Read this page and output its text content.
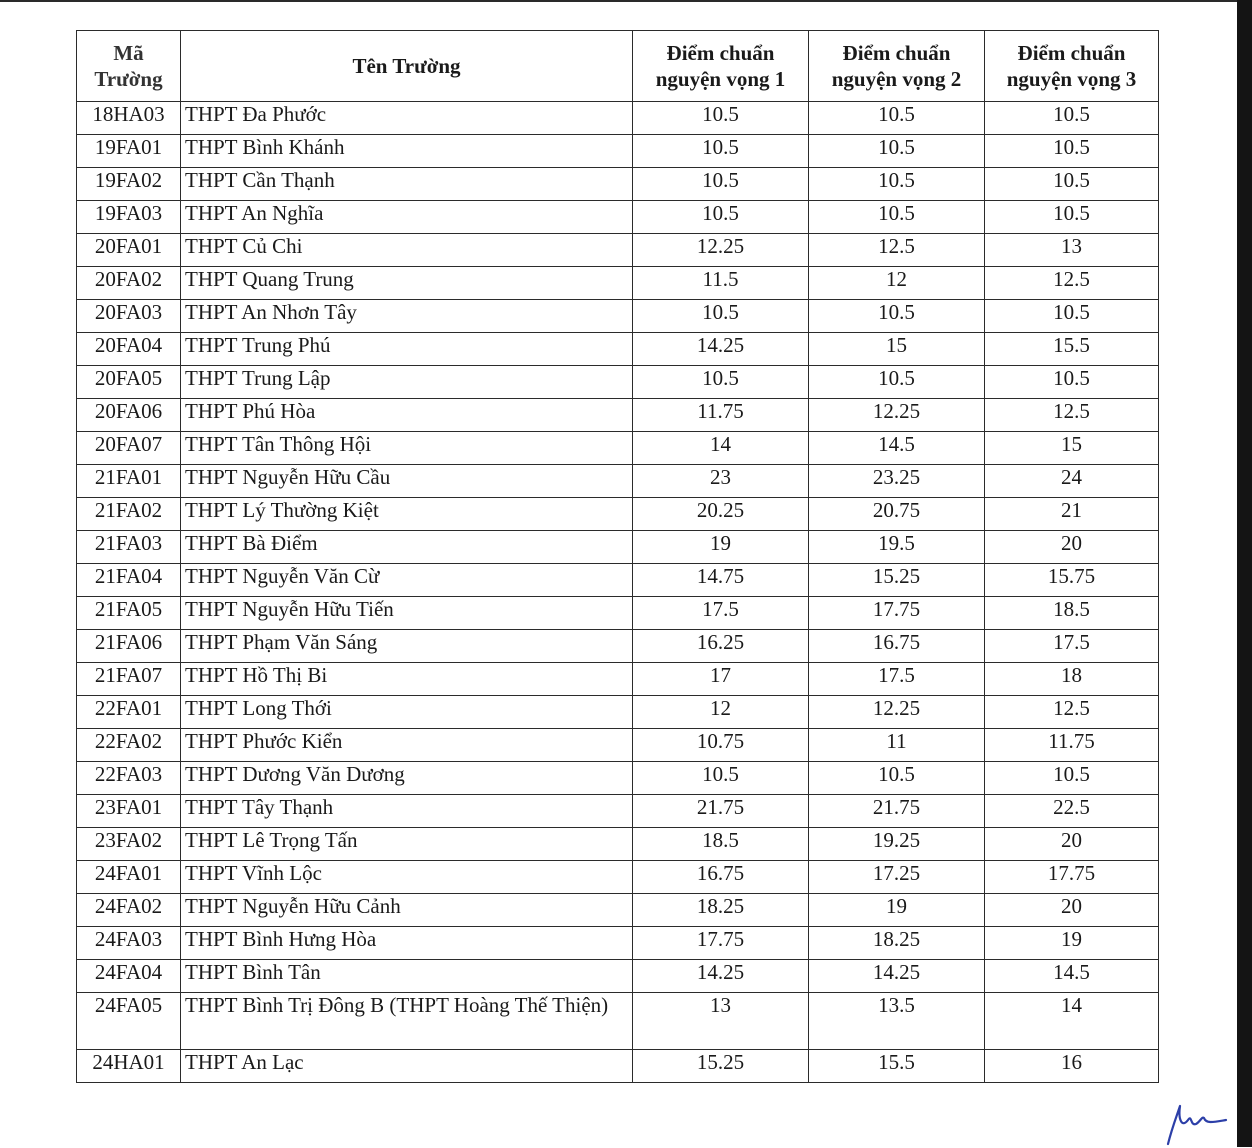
Mã Trường	Tên Trường	Điểm chuẩn nguyện vọng 1	Điểm chuẩn nguyện vọng 2	Điểm chuẩn nguyện vọng 3
18HA03	THPT Đa Phước	10.5	10.5	10.5
19FA01	THPT Bình Khánh	10.5	10.5	10.5
19FA02	THPT Cần Thạnh	10.5	10.5	10.5
19FA03	THPT An Nghĩa	10.5	10.5	10.5
20FA01	THPT Củ Chi	12.25	12.5	13
20FA02	THPT Quang Trung	11.5	12	12.5
20FA03	THPT An Nhơn Tây	10.5	10.5	10.5
20FA04	THPT Trung Phú	14.25	15	15.5
20FA05	THPT Trung Lập	10.5	10.5	10.5
20FA06	THPT Phú Hòa	11.75	12.25	12.5
20FA07	THPT Tân Thông Hội	14	14.5	15
21FA01	THPT Nguyễn Hữu Cầu	23	23.25	24
21FA02	THPT Lý Thường Kiệt	20.25	20.75	21
21FA03	THPT Bà Điểm	19	19.5	20
21FA04	THPT Nguyễn Văn Cừ	14.75	15.25	15.75
21FA05	THPT Nguyễn Hữu Tiến	17.5	17.75	18.5
21FA06	THPT Phạm Văn Sáng	16.25	16.75	17.5
21FA07	THPT Hồ Thị Bi	17	17.5	18
22FA01	THPT Long Thới	12	12.25	12.5
22FA02	THPT Phước Kiển	10.75	11	11.75
22FA03	THPT Dương Văn Dương	10.5	10.5	10.5
23FA01	THPT Tây Thạnh	21.75	21.75	22.5
23FA02	THPT Lê Trọng Tấn	18.5	19.25	20
24FA01	THPT Vĩnh Lộc	16.75	17.25	17.75
24FA02	THPT Nguyễn Hữu Cảnh	18.25	19	20
24FA03	THPT Bình Hưng Hòa	17.75	18.25	19
24FA04	THPT Bình Tân	14.25	14.25	14.5
24FA05	THPT Bình Trị Đông B (THPT Hoàng Thế Thiện)	13	13.5	14
24HA01	THPT An Lạc	15.25	15.5	16
